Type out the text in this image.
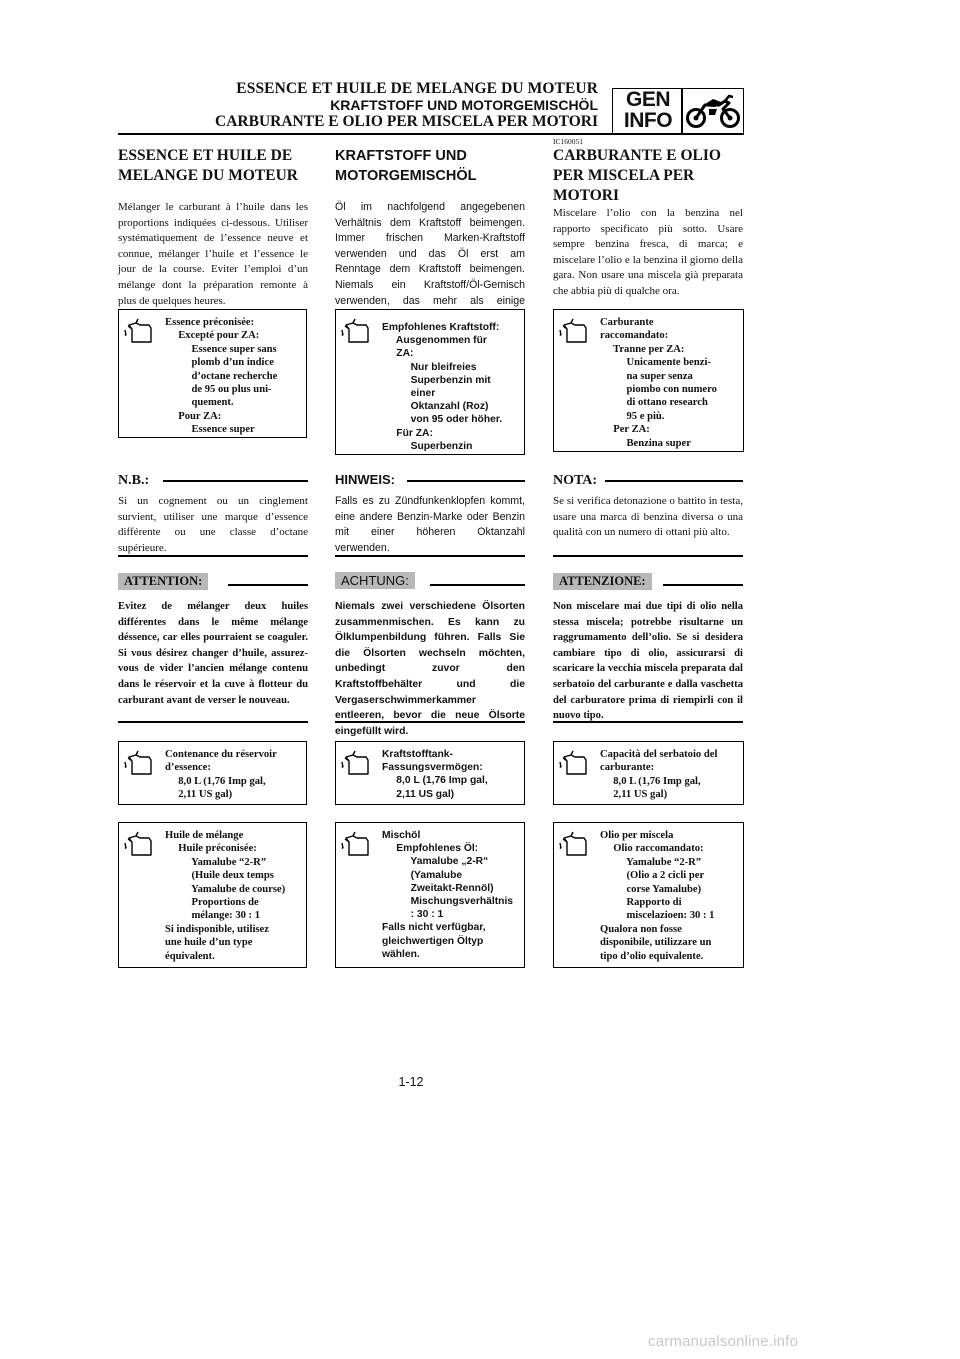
ESSENCE ET HUILE DE MELANGE DU MOTEUR
KRAFTSTOFF UND MOTORGEMISCHÖL
CARBURANTE E OLIO PER MISCELA PER MOTORI
GEN
INFO
IC160051
ESSENCE ET HUILE DE
MELANGE DU MOTEUR

Mélanger le carburant à l’huile dans les proportions indiquées ci-dessous. Utiliser systématiquement de l’essence neuve et connue, mélanger l’huile et l’essence le jour de la course. Eviter l’emploi d’un mélange dont la préparation remonte à plus de quelques heures.

Essence préconisée:
Excepté pour ZA:
Essence super sans
plomb d’un indice
d’octane recherche
de 95 ou plus uni-
quement.
Pour ZA:
Essence super
N.B.:

Si un cognement ou un cinglement survient, utiliser une marque d’essence différente ou une classe d’octane supérieure.

ATTENTION:

Evitez de mélanger deux huiles différentes dans le même mélange déssence, car elles pourraient se coaguler. Si vous désirez changer d’huile, assurez-vous de vider l’ancien mélange contenu dans le réservoir et la cuve à flotteur du carburant avant de verser le nouveau.

Contenance du réservoir
d’essence:
8,0 L (1,76 Imp gal,
2,11 US gal)
Huile de mélange
Huile préconisée:
Yamalube “2-R”
(Huile deux temps
Yamalube de course)
Proportions de
mélange: 30 : 1
Si indisponible, utilisez
une huile d’un type
équivalent.
KRAFTSTOFF UND
MOTORGEMISCHÖL

Öl im nachfolgend angegebenen Verhältnis dem Kraftstoff beimengen. Immer frischen Marken-Kraftstoff verwenden und das Öl erst am Renntage dem Kraftstoff beimengen. Niemals ein Kraftstoff/Öl-Gemisch verwenden, das mehr als einige

Empfohlenes Kraftstoff:
Ausgenommen für
ZA:
Nur bleifreies
Superbenzin mit
einer
Oktanzahl (Roz)
von 95 oder höher.
Für ZA:
Superbenzin
HINWEIS:

Falls es zu Zündfunkenklopfen kommt, eine andere Benzin-Marke oder Benzin mit einer höheren Oktanzahl verwenden.

ACHTUNG:

Niemals zwei verschiedene Ölsorten zusammenmischen. Es kann zu Ölklumpenbildung führen. Falls Sie die Ölsorten wechseln möchten, unbedingt zuvor den Kraftstoffbehälter und die Vergaserschwimmerkammer entleeren, bevor die neue Ölsorte eingefüllt wird.

Kraftstofftank-
Fassungsvermögen:
8,0 L (1,76 Imp gal,
2,11 US gal)
Mischöl
Empfohlenes Öl:
Yamalube „2-R“
(Yamalube
Zweitakt-Rennöl)
Mischungsverhältnis
: 30 : 1
Falls nicht verfügbar,
gleichwertigen Öltyp
wählen.
CARBURANTE E OLIO
PER MISCELA PER
MOTORI

Miscelare l’olio con la benzina nel rapporto specificato più sotto. Usare sempre benzina fresca, di marca; e miscelare l’olio e la benzina il giorno della gara. Non usare una miscela già preparata che abbia più di qualche ora.

Carburante
raccomandato:
Tranne per ZA:
Unicamente benzi-
na super senza
piombo con numero
di ottano research
95 e più.
Per ZA:
Benzina super
NOTA:

Se si verifica detonazione o battito in testa, usare una marca di benzina diversa o una qualità con un numero di ottani più alto.

ATTENZIONE:

Non miscelare mai due tipi di olio nella stessa miscela; potrebbe risultarne un raggrumamento dell’olio. Se si desidera cambiare tipo di olio, assicurarsi di scaricare la vecchia miscela preparata dal serbatoio del carburante e dalla vaschetta del carburatore prima di riempirli con il nuovo tipo.

Capacità del serbatoio del
carburante:
8,0 L (1,76 Imp gal,
2,11 US gal)
Olio per miscela
Olio raccomandato:
Yamalube “2-R”
(Olio a 2 cicli per
corse Yamalube)
Rapporto di
miscelazioen: 30 : 1
Qualora non fosse
disponibile, utilizzare un
tipo d’olio equivalente.
1-12
carmanualsonline.info
